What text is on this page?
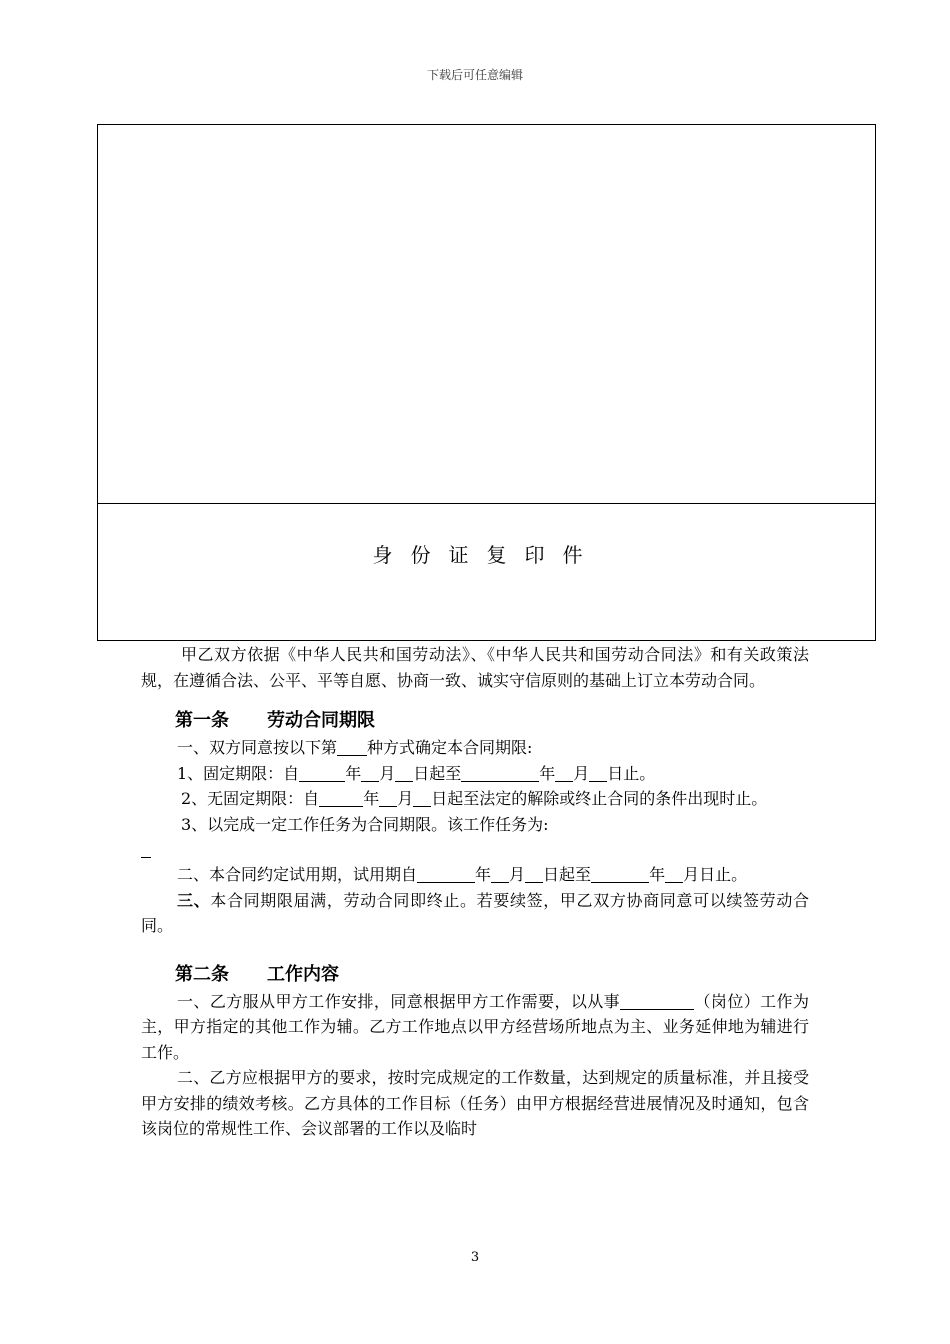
下载后可任意编辑
身份证复印件

甲乙双方依据《中华人民共和国劳动法》、《中华人民共和国劳动合同法》和有关政策法规，在遵循合法、公平、平等自愿、协商一致、诚实守信原则的基础上订立本劳动合同。

第一条 劳动合同期限

一、双方同意按以下第 种方式确定本合同期限:

1、固定期限：自	年 月 日起至	年 月 日止。

2、无固定期限：自	年 月 日起至法定的解除或终止合同的条件出现时止。

3、以完成一定工作任务为合同期限。该工作任务为:

二、本合同约定试用期，试用期自	年 月 日起至	年 月日止。

三、本合同期限届满，劳动合同即终止。若要续签，甲乙双方协商同意可以续签劳动合同。

第二条 工作内容

一、乙方服从甲方工作安排，同意根据甲方工作需要，以从事	（岗位）工作为主，甲方指定的其他工作为辅。乙方工作地点以甲方经营场所地点为主、业务延伸地为辅进行工作。

二、乙方应根据甲方的要求，按时完成规定的工作数量，达到规定的质量标准，并且接受甲方安排的绩效考核。乙方具体的工作目标（任务）由甲方根据经营进展情况及时通知，包含该岗位的常规性工作、会议部署的工作以及临时

3
